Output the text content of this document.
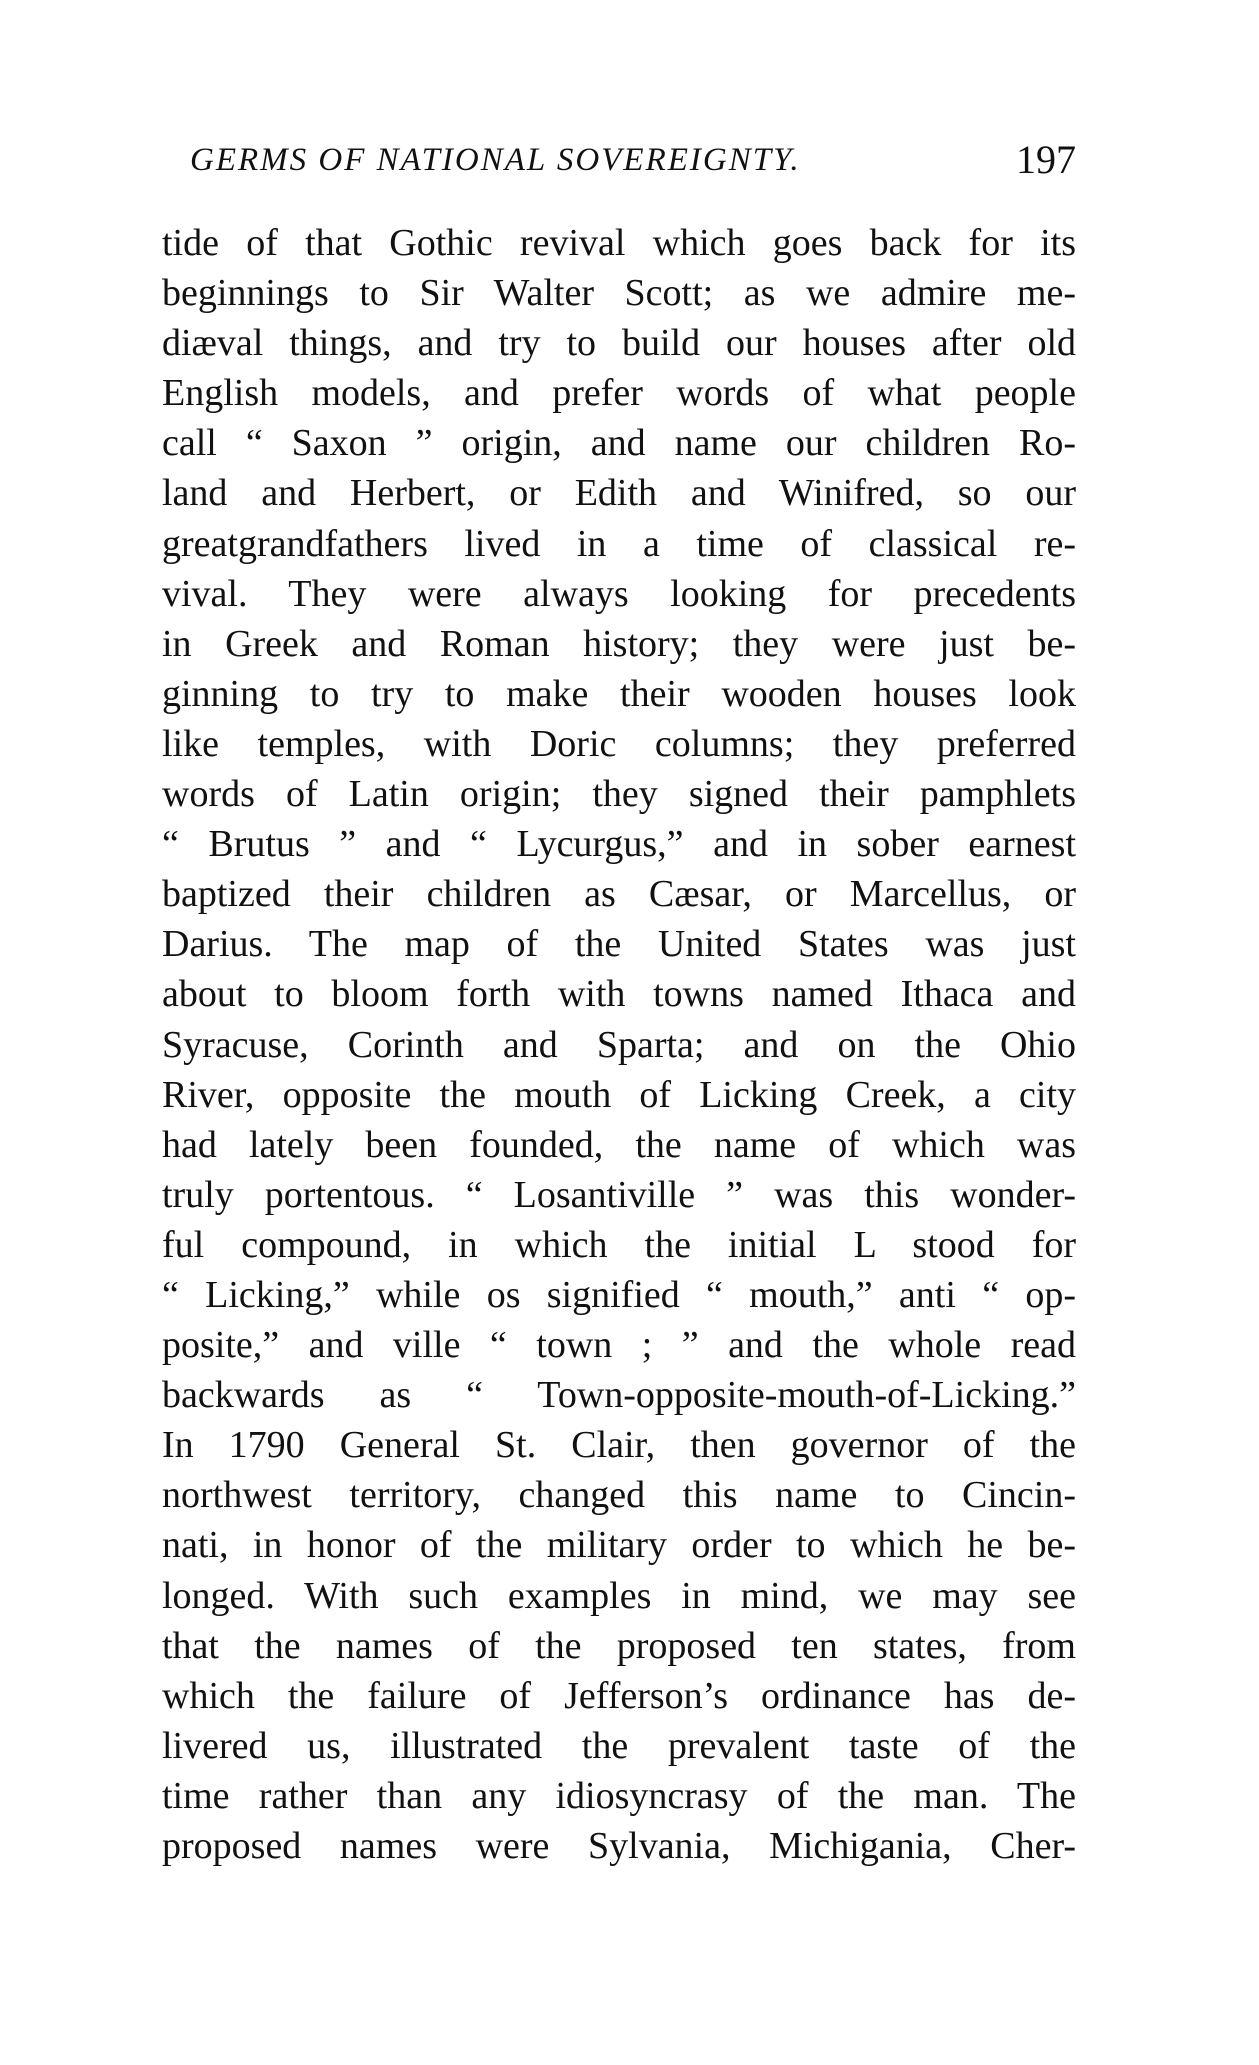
GERMS OF NATIONAL SOVEREIGNTY.	197
tide of that Gothic revival which goes back for its
beginnings to Sir Walter Scott; as we admire me-
diæval things, and try to build our houses after old
English models, and prefer words of what people
call “ Saxon ” origin, and name our children Ro-
land and Herbert, or Edith and Winifred, so our
greatgrandfathers lived in a time of classical re-
vival. They were always looking for precedents
in Greek and Roman history; they were just be-
ginning to try to make their wooden houses look
like temples, with Doric columns; they preferred
words of Latin origin; they signed their pamphlets
“ Brutus ” and “ Lycurgus,” and in sober earnest
baptized their children as Cæsar, or Marcellus, or
Darius. The map of the United States was just
about to bloom forth with towns named Ithaca and
Syracuse, Corinth and Sparta; and on the Ohio
River, opposite the mouth of Licking Creek, a city
had lately been founded, the name of which was
truly portentous. “ Losantiville ” was this wonder-
ful compound, in which the initial L stood for
“ Licking,” while os signified “ mouth,” anti “ op-
posite,” and ville “ town ; ” and the whole read
backwards as “ Town-opposite-mouth-of-Licking.”
In 1790 General St. Clair, then governor of the
northwest territory, changed this name to Cincin-
nati, in honor of the military order to which he be-
longed. With such examples in mind, we may see
that the names of the proposed ten states, from
which the failure of Jefferson’s ordinance has de-
livered us, illustrated the prevalent taste of the
time rather than any idiosyncrasy of the man. The
proposed names were Sylvania, Michigania, Cher-
